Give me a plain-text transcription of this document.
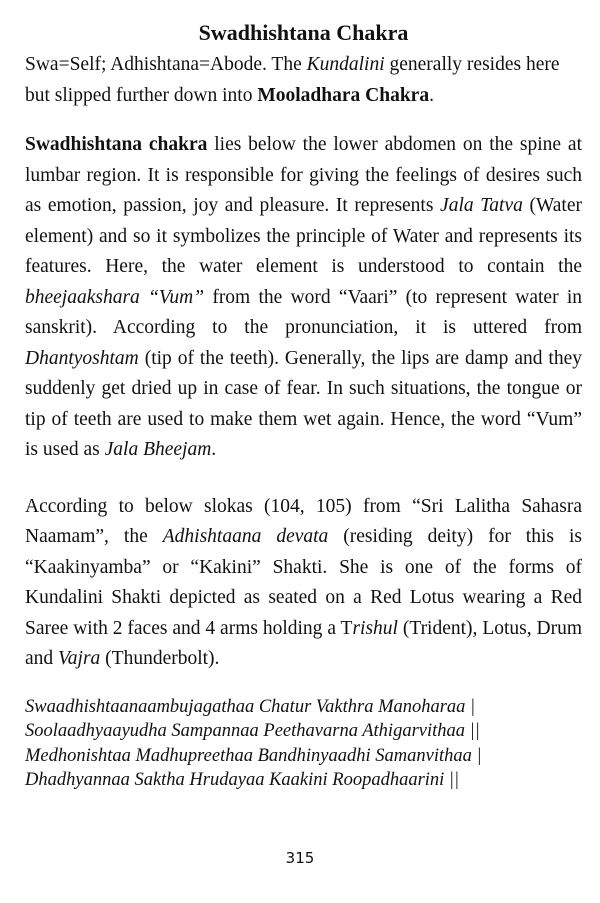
Swadhishtana Chakra

Swa=Self; Adhishtana=Abode. The Kundalini generally resides here but slipped further down into Mooladhara Chakra.

Swadhishtana chakra lies below the lower abdomen on the spine at lumbar region. It is responsible for giving the feelings of desires such as emotion, passion, joy and pleasure. It represents Jala Tatva (Water element) and so it symbolizes the principle of Water and represents its features. Here, the water element is understood to contain the bheejaakshara “Vum” from the word “Vaari” (to represent water in sanskrit). According to the pronunciation, it is uttered from Dhantyoshtam (tip of the teeth). Generally, the lips are damp and they suddenly get dried up in case of fear. In such situations, the tongue or tip of teeth are used to make them wet again. Hence, the word “Vum” is used as Jala Bheejam.

According to below slokas (104, 105) from “Sri Lalitha Sahasra Naamam”, the Adhishtaana devata (residing deity) for this is “Kaakinyamba” or “Kakini” Shakti. She is one of the forms of Kundalini Shakti depicted as seated on a Red Lotus wearing a Red Saree with 2 faces and 4 arms holding a Trishul (Trident), Lotus, Drum and Vajra (Thunderbolt).

Swaadhishtaanaambujagathaa Chatur Vakthra Manoharaa |
Soolaadhyaayudha Sampannaa Peethavarna Athigarvithaa ||
Medhonishtaa Madhupreethaa Bandhinyaadhi Samanvithaa |
Dhadhyannaa Saktha Hrudayaa Kaakini Roopadhaarini ||
315
